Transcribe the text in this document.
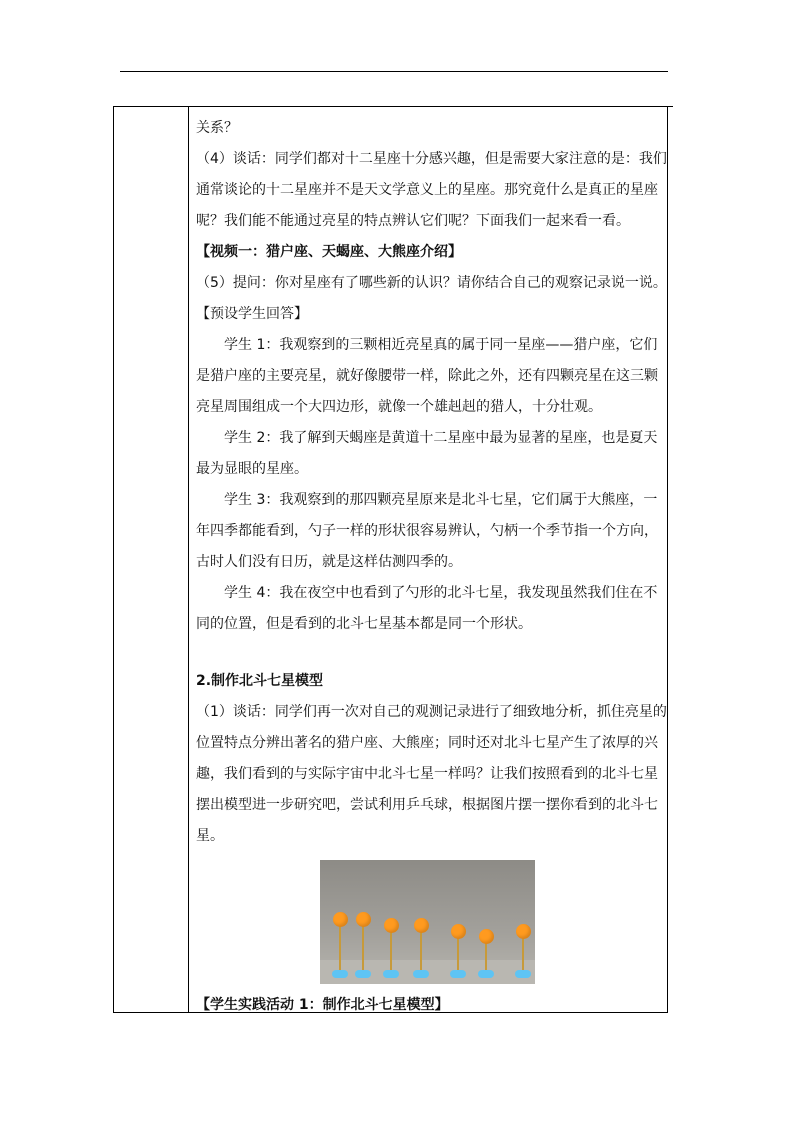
关系？
（4）谈话：同学们都对十二星座十分感兴趣，但是需要大家注意的是：我们
通常谈论的十二星座并不是天文学意义上的星座。那究竟什么是真正的星座
呢？我们能不能通过亮星的特点辨认它们呢？下面我们一起来看一看。
【视频一：猎户座、天蝎座、大熊座介绍】
（5）提问：你对星座有了哪些新的认识？请你结合自己的观察记录说一说。
【预设学生回答】
学生 1：我观察到的三颗相近亮星真的属于同一星座——猎户座，它们
是猎户座的主要亮星，就好像腰带一样，除此之外，还有四颗亮星在这三颗
亮星周围组成一个大四边形，就像一个雄赳赳的猎人，十分壮观。
学生 2：我了解到天蝎座是黄道十二星座中最为显著的星座，也是夏天
最为显眼的星座。
学生 3：我观察到的那四颗亮星原来是北斗七星，它们属于大熊座，一
年四季都能看到，勺子一样的形状很容易辨认，勺柄一个季节指一个方向，
古时人们没有日历，就是这样估测四季的。
学生 4：我在夜空中也看到了勺形的北斗七星，我发现虽然我们住在不
同的位置，但是看到的北斗七星基本都是同一个形状。
2.制作北斗七星模型
（1）谈话：同学们再一次对自己的观测记录进行了细致地分析，抓住亮星的
位置特点分辨出著名的猎户座、大熊座；同时还对北斗七星产生了浓厚的兴
趣，我们看到的与实际宇宙中北斗七星一样吗？让我们按照看到的北斗七星
摆出模型进一步研究吧，尝试利用乒乓球，根据图片摆一摆你看到的北斗七
星。
【学生实践活动 1：制作北斗七星模型】
